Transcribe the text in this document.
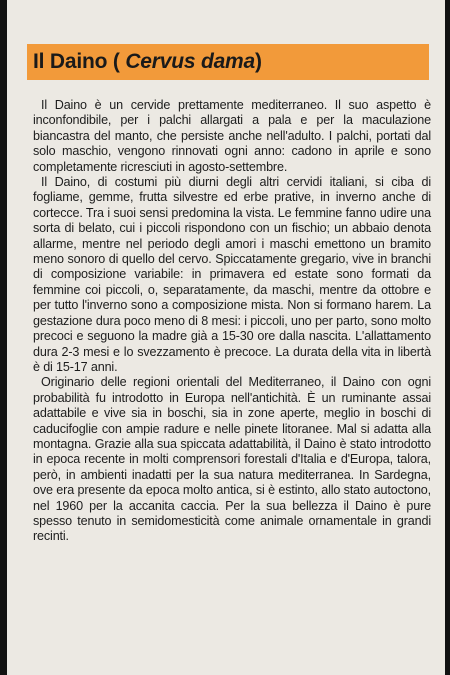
Il Daino ( Cervus dama)

Il Daino è un cervide prettamente mediterraneo. Il suo aspetto è inconfondibile, per i palchi allargati a pala e per la maculazione biancastra del manto, che persiste anche nell'adulto. I palchi, portati dal solo maschio, vengono rinnovati ogni anno: cadono in aprile e sono completamente ricresciuti in agosto-settembre.

Il Daino, di costumi più diurni degli altri cervidi italiani, si ciba di fogliame, gemme, frutta silvestre ed erbe prative, in inverno anche di cortecce. Tra i suoi sensi predomina la vista. Le femmine fanno udire una sorta di belato, cui i piccoli rispondono con un fischio; un abbaio denota allarme, mentre nel periodo degli amori i maschi emettono un bramito meno sonoro di quello del cervo. Spiccatamente gregario, vive in branchi di composizione variabile: in primavera ed estate sono formati da femmine coi piccoli, o, separatamente, da maschi, mentre da ottobre e per tutto l'inverno sono a composizione mista. Non si formano harem. La gestazione dura poco meno di 8 mesi: i piccoli, uno per parto, sono molto precoci e seguono la madre già a 15-30 ore dalla nascita. L'allattamento dura 2-3 mesi e lo svezzamento è precoce. La durata della vita in libertà è di 15-17 anni.

Originario delle regioni orientali del Mediterraneo, il Daino con ogni probabilità fu introdotto in Europa nell'antichità. È un ruminante assai adattabile e vive sia in boschi, sia in zone aperte, meglio in boschi di caducifoglie con ampie radure e nelle pinete litoranee. Mal si adatta alla montagna. Grazie alla sua spiccata adattabilità, il Daino è stato introdotto in epoca recente in molti comprensori forestali d'Italia e d'Europa, talora, però, in ambienti inadatti per la sua natura mediterranea. In Sardegna, ove era presente da epoca molto antica, si è estinto, allo stato autoctono, nel 1960 per la accanita caccia. Per la sua bellezza il Daino è pure spesso tenuto in semidomesticità come animale ornamentale in grandi recinti.
